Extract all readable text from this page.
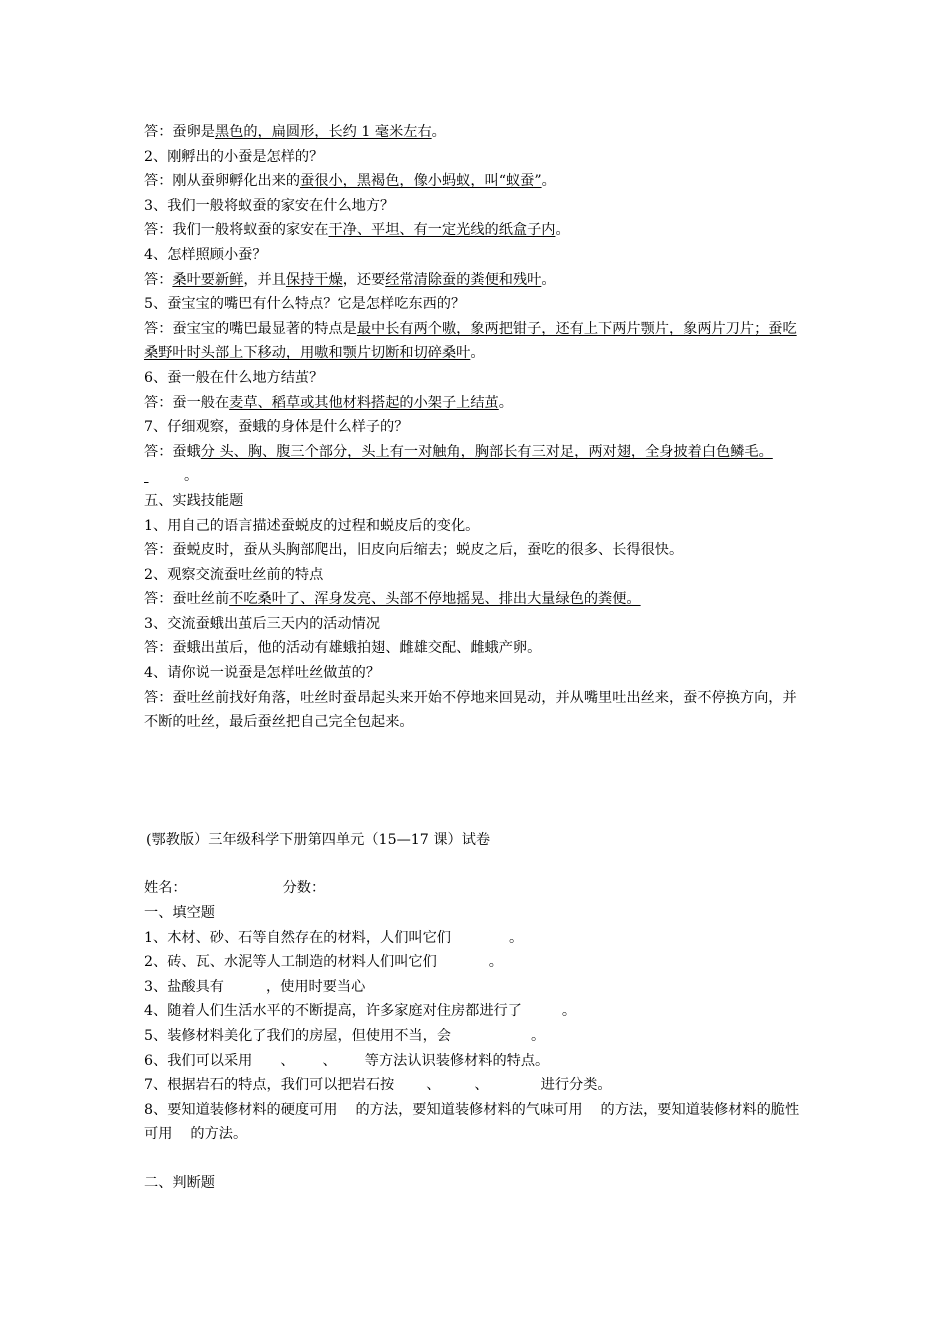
答：蚕卵是黑色的，扁圆形，长约 1 毫米左右。
2、刚孵出的小蚕是怎样的？
答：刚从蚕卵孵化出来的蚕很小，黑褐色，像小蚂蚁，叫“蚁蚕”。
3、我们一般将蚁蚕的家安在什么地方？
答：我们一般将蚁蚕的家安在干净、平坦、有一定光线的纸盒子内。
4、怎样照顾小蚕？
答：桑叶要新鲜，并且保持干燥，还要经常清除蚕的粪便和残叶。
5、蚕宝宝的嘴巴有什么特点？它是怎样吃东西的？
答：蚕宝宝的嘴巴最显著的特点是最中长有两个嗷，象两把钳子，还有上下两片颚片，象两片刀片；蚕吃桑野叶时头部上下移动，用嗷和颚片切断和切碎桑叶。
6、蚕一般在什么地方结茧？
答：蚕一般在麦草、稻草或其他材料搭起的小架子上结茧。
7、仔细观察，蚕蛾的身体是什么样子的？
答：蚕蛾分 头、胸、腹三个部分，头上有一对触角，胸部长有三对足，两对翅，全身披着白色鳞毛。 。
五、实践技能题
1、用自己的语言描述蚕蜕皮的过程和蜕皮后的变化。
答：蚕蜕皮时，蚕从头胸部爬出，旧皮向后缩去；蜕皮之后，蚕吃的很多、长得很快。
2、观察交流蚕吐丝前的特点
答：蚕吐丝前不吃桑叶了、浑身发亮、头部不停地摇晃、排出大量绿色的粪便。
3、交流蚕蛾出茧后三天内的活动情况
答：蚕蛾出茧后，他的活动有雄蛾拍翅、雌雄交配、雌蛾产卵。
4、请你说一说蚕是怎样吐丝做茧的？
答：蚕吐丝前找好角落，吐丝时蚕昂起头来开始不停地来回晃动，并从嘴里吐出丝来，蚕不停换方向，并不断的吐丝，最后蚕丝把自己完全包起来。
(鄂教版）三年级科学下册第四单元（15—17 课）试卷
姓名：	分数：
一、填空题
1、木材、砂、石等自然存在的材料，人们叫它们	。
2、砖、瓦、水泥等人工制造的材料人们叫它们	。
3、盐酸具有	，使用时要当心
4、随着人们生活水平的不断提高，许多家庭对住房都进行了	。
5、装修材料美化了我们的房屋，但使用不当，会	。
6、我们可以采用 、 、 等方法认识装修材料的特点。
7、根据岩石的特点，我们可以把岩石按 、 、	进行分类。
8、要知道装修材料的硬度可用    的方法，要知道装修材料的气味可用    的方法，要知道装修材料的脆性可用    的方法。
二、判断题
